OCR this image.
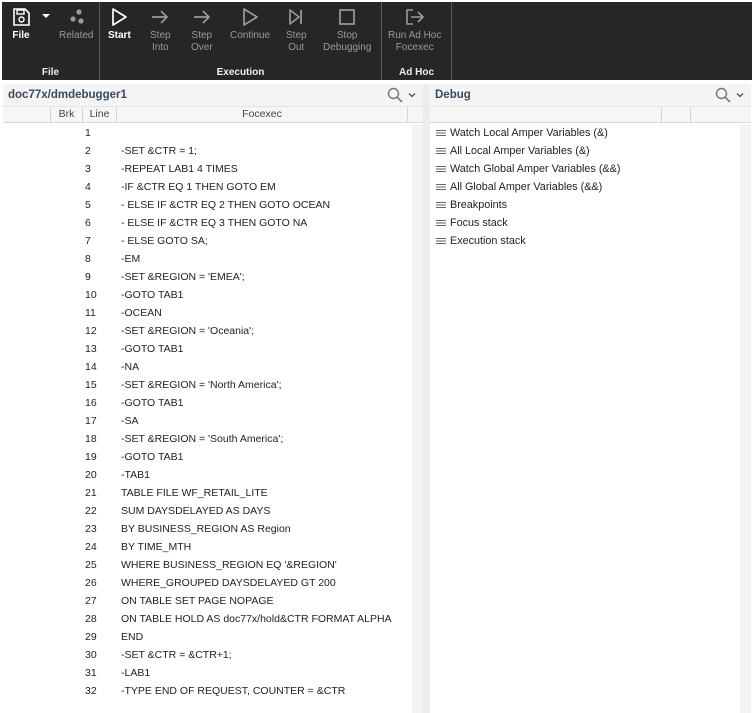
File	Related
File
Start Step
Into
Step
Over
Continue Step
Out
Stop
Debugging
Execution
Run Ad Hoc
Focexec
Ad Hoc
doc77x/dmdebugger1
Brk	Line	Focexec
1
2	-SET &CTR = 1;
3	-REPEAT LAB1 4 TIMES
4	-IF &CTR EQ 1 THEN GOTO EM
5	- ELSE IF &CTR EQ 2 THEN GOTO OCEAN
6	- ELSE IF &CTR EQ 3 THEN GOTO NA
7	- ELSE GOTO SA;
8	-EM
9	-SET &REGION = 'EMEA';
10	-GOTO TAB1
11	-OCEAN
12	-SET &REGION = 'Oceania';
13	-GOTO TAB1
14	-NA
15	-SET &REGION = 'North America';
16	-GOTO TAB1
17	-SA
18	-SET &REGION = 'South America';
19	-GOTO TAB1
20	-TAB1
21	TABLE FILE WF_RETAIL_LITE
22	SUM DAYSDELAYED AS DAYS
23	BY BUSINESS_REGION AS Region
24	BY TIME_MTH
25	WHERE BUSINESS_REGION EQ '&REGION'
26	WHERE_GROUPED DAYSDELAYED GT 200
27	ON TABLE SET PAGE NOPAGE
28	ON TABLE HOLD AS doc77x/hold&CTR FORMAT ALPHA
29	END
30	-SET &CTR = &CTR+1;
31	-LAB1
32	-TYPE END OF REQUEST, COUNTER = &CTR
Debug
Watch Local Amper Variables (&)
All Local Amper Variables (&)
Watch Global Amper Variables (&&)
All Global Amper Variables (&&)
Breakpoints
Focus stack
Execution stack
